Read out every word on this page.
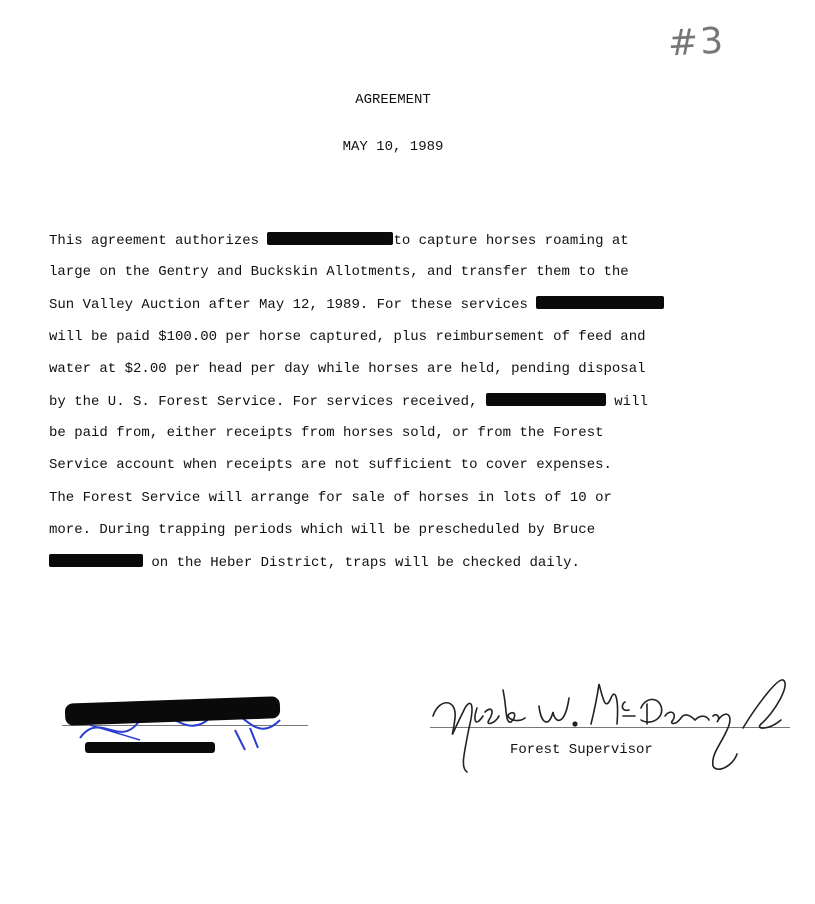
#3
AGREEMENT
MAY 10, 1989
This agreement authorizes	to capture horses roaming at
large on the Gentry and Buckskin Allotments, and transfer them to the
Sun Valley Auction after May 12, 1989. For these services
will be paid $100.00 per horse captured, plus reimbursement of feed and
water at $2.00 per head per day while horses are held, pending disposal
by the U. S. Forest Service. For services received,	will
be paid from, either receipts from horses sold, or from the Forest
Service account when receipts are not sufficient to cover expenses.
The Forest Service will arrange for sale of horses in lots of 10 or
more. During trapping periods which will be prescheduled by Bruce
on the Heber District, traps will be checked daily.
Forest Supervisor
